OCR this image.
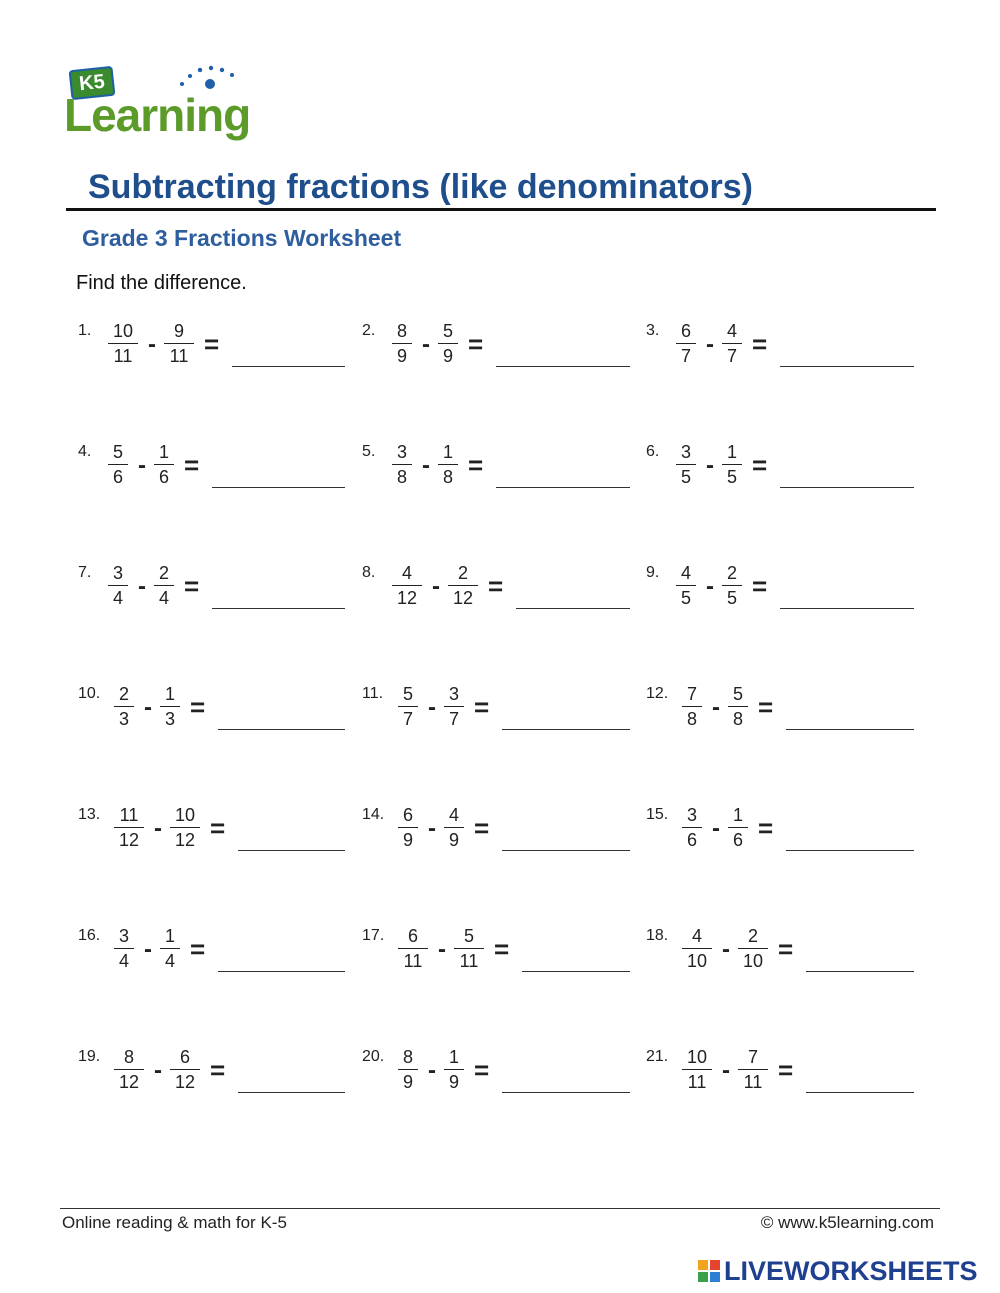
K5
Learning
Subtracting fractions (like denominators)
Grade 3 Fractions Worksheet

Find the difference.

1. 10
11 - 9
11 =	2. 8
9 - 5
9 =	3. 6
7 - 4
7 =
4. 5
6 - 1
6 =	5. 3
8 - 1
8 =	6. 3
5 - 1
5 =
7. 3
4 - 2
4 =	8.	4
12 - 2
12 =	9. 4
5 - 2
5 =
10. 2
3 - 1
3 =	11. 5
7 - 3
7 =	12. 7
8 - 5
8 =
13.	11
12 - 10
12 =	14. 6
9 - 4
9 =	15. 3
6 - 1
6 =
16. 3
4 - 1
4 =	17.	6
11 - 5
11 =	18.	4
10 - 2
10 =
19.	8
12 - 6
12 =	20. 8
9 - 1
9 =	21. 10
11 - 7
11 =

Online reading & math for K-5	© www.k5learning.com

LIVEWORKSHEETS
